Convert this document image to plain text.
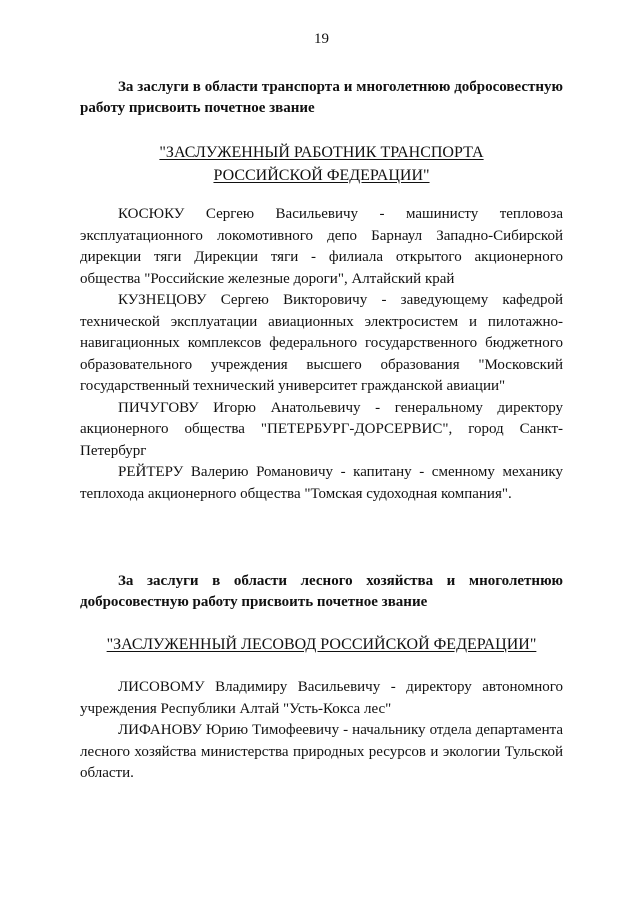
19

За заслуги в области транспорта и многолетнюю добросовестную работу присвоить почетное звание

"ЗАСЛУЖЕННЫЙ РАБОТНИК ТРАНСПОРТА

РОССИЙСКОЙ ФЕДЕРАЦИИ"

КОСЮКУ Сергею Васильевичу - машинисту тепловоза эксплуатационного локомотивного депо Барнаул Западно-Сибирской дирекции тяги Дирекции тяги - филиала открытого акционерного общества "Российские железные дороги", Алтайский край

КУЗНЕЦОВУ Сергею Викторовичу - заведующему кафедрой технической эксплуатации авиационных электросистем и пилотажно-навигационных комплексов федерального государственного бюджетного образовательного учреждения высшего образования "Московский государственный технический университет гражданской авиации"

ПИЧУГОВУ Игорю Анатольевичу - генеральному директору акционерного общества "ПЕТЕРБУРГ-ДОРСЕРВИС", город Санкт-Петербург

РЕЙТЕРУ Валерию Романовичу - капитану - сменному механику теплохода акционерного общества "Томская судоходная компания".

За заслуги в области лесного хозяйства и многолетнюю добросовестную работу присвоить почетное звание

"ЗАСЛУЖЕННЫЙ ЛЕСОВОД РОССИЙСКОЙ ФЕДЕРАЦИИ"

ЛИСОВОМУ Владимиру Васильевичу - директору автономного учреждения Республики Алтай "Усть-Кокса лес"

ЛИФАНОВУ Юрию Тимофеевичу - начальнику отдела департамента лесного хозяйства министерства природных ресурсов и экологии Тульской области.
